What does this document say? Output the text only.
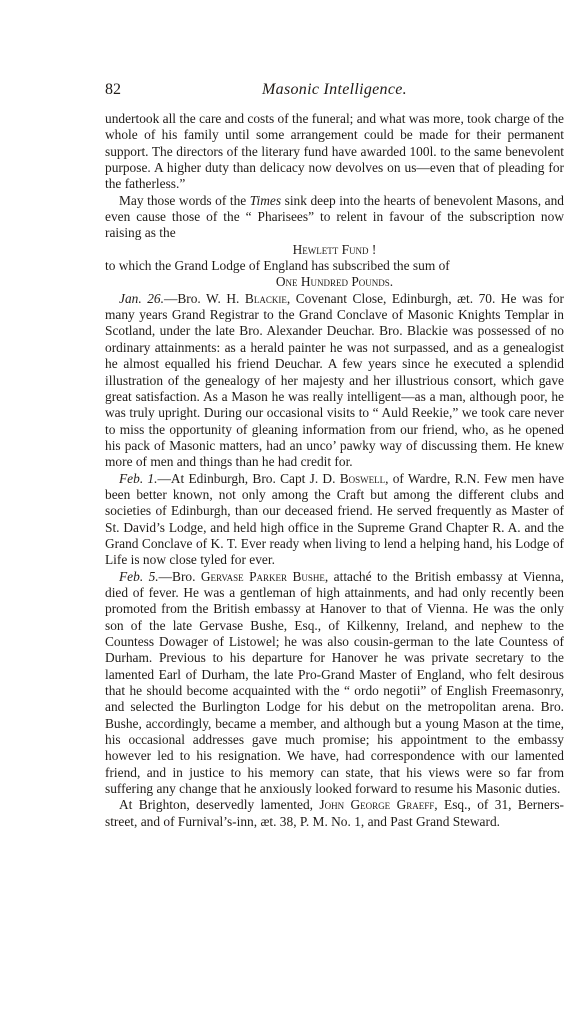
82	Masonic Intelligence.

undertook all the care and costs of the funeral; and what was more, took charge of the whole of his family until some arrangement could be made for their permanent support. The directors of the literary fund have awarded 100l. to the same benevolent purpose. A higher duty than delicacy now devolves on us—even that of pleading for the fatherless.”

May those words of the Times sink deep into the hearts of benevolent Masons, and even cause those of the “ Pharisees” to relent in favour of the subscription now raising as the

Hewlett Fund !

to which the Grand Lodge of England has subscribed the sum of

One Hundred Pounds.

Jan. 26.—Bro. W. H. Blackie, Covenant Close, Edinburgh, æt. 70. He was for many years Grand Registrar to the Grand Conclave of Masonic Knights Templar in Scotland, under the late Bro. Alexander Deuchar. Bro. Blackie was possessed of no ordinary attainments: as a herald painter he was not surpassed, and as a genealogist he almost equalled his friend Deuchar. A few years since he executed a splendid illustration of the genealogy of her majesty and her illustrious consort, which gave great satisfaction. As a Mason he was really intelligent—as a man, although poor, he was truly upright. During our occasional visits to “ Auld Reekie,” we took care never to miss the opportunity of gleaning information from our friend, who, as he opened his pack of Masonic matters, had an unco’ pawky way of discussing them. He knew more of men and things than he had credit for.

Feb. 1.—At Edinburgh, Bro. Capt J. D. Boswell, of Wardre, R.N. Few men have been better known, not only among the Craft but among the different clubs and societies of Edinburgh, than our deceased friend. He served frequently as Master of St. David’s Lodge, and held high office in the Supreme Grand Chapter R. A. and the Grand Conclave of K. T. Ever ready when living to lend a helping hand, his Lodge of Life is now close tyled for ever.

Feb. 5.—Bro. Gervase Parker Bushe, attaché to the British embassy at Vienna, died of fever. He was a gentleman of high attainments, and had only recently been promoted from the British embassy at Hanover to that of Vienna. He was the only son of the late Gervase Bushe, Esq., of Kilkenny, Ireland, and nephew to the Countess Dowager of Listowel; he was also cousin-german to the late Countess of Durham. Previous to his departure for Hanover he was private secretary to the lamented Earl of Durham, the late Pro-Grand Master of England, who felt desirous that he should become acquainted with the “ ordo negotii” of English Freemasonry, and selected the Burlington Lodge for his debut on the metropolitan arena. Bro. Bushe, accordingly, became a member, and although but a young Mason at the time, his occasional addresses gave much promise; his appointment to the embassy however led to his resignation. We have, had correspondence with our lamented friend, and in justice to his memory can state, that his views were so far from suffering any change that he anxiously looked forward to resume his Masonic duties.

At Brighton, deservedly lamented, John George Graeff, Esq., of 31, Berners-street, and of Furnival’s-inn, æt. 38, P. M. No. 1, and Past Grand Steward.
